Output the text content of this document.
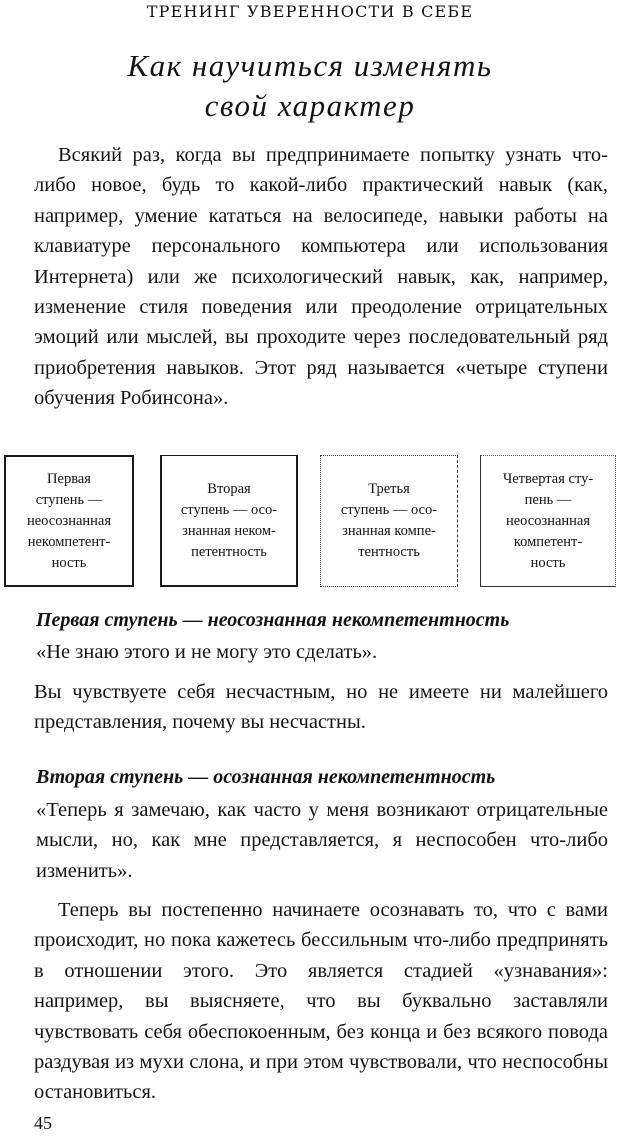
ТРЕНИНГ УВЕРЕННОСТИ В СЕБЕ
Как научиться изменять
свой характер
Всякий раз, когда вы предпринимаете попытку узнать что-либо новое, будь то какой-либо практический навык (как, например, умение кататься на велосипеде, навыки работы на клавиатуре персонального компьютера или использования Интернета) или же психологический навык, как, например, изменение стиля поведения или преодоление отрицательных эмоций или мыслей, вы проходите через последовательный ряд приобретения навыков. Этот ряд называется «четыре ступени обучения Робинсона».
Первая
ступень —
неосознанная
некомпетент-
ность
Вторая
ступень — осо-
знанная неком-
петентность
Третья
ступень — осо-
знанная компе-
тентность
Четвертая сту-
пень —
неосознанная
компетент-
ность
Первая ступень — неосознанная некомпетентность
«Не знаю этого и не могу это сделать».
Вы чувствуете себя несчастным, но не имеете ни малейшего представления, почему вы несчастны.
Вторая ступень — осознанная некомпетентность
«Теперь я замечаю, как часто у меня возникают отрицательные мысли, но, как мне представляется, я неспособен что-либо изменить».
Теперь вы постепенно начинаете осознавать то, что с вами происходит, но пока кажетесь бессильным что-либо предпринять в отношении этого. Это является стадией «узнавания»: например, вы выясняете, что вы буквально заставляли чувствовать себя обеспокоенным, без конца и без всякого повода раздувая из мухи слона, и при этом чувствовали, что неспособны остановиться.
45
